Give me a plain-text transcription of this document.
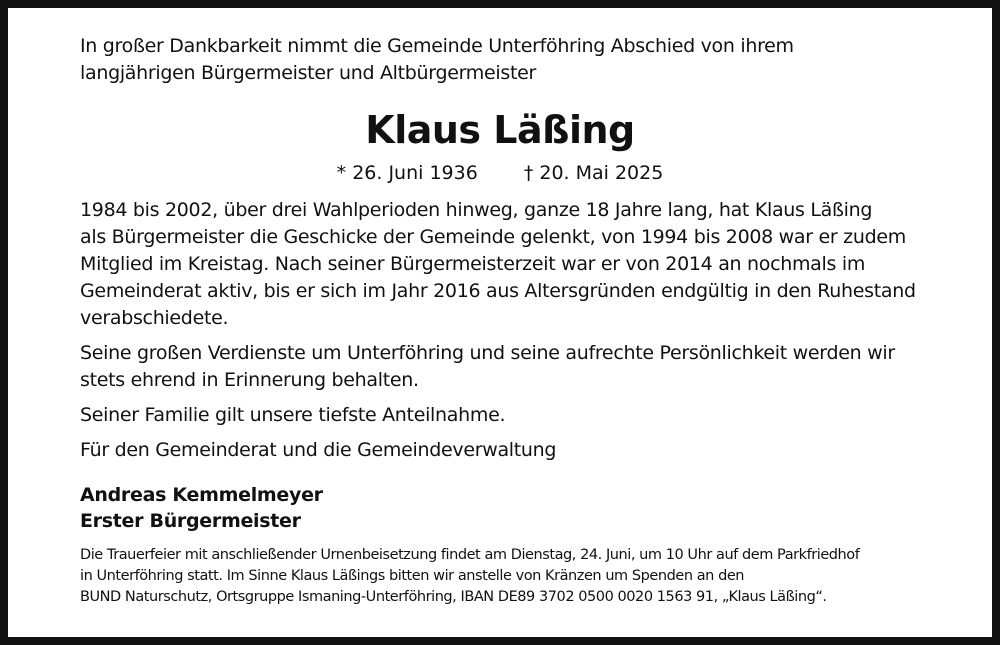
In großer Dankbarkeit nimmt die Gemeinde Unterföhring Abschied von ihrem
langjährigen Bürgermeister und Altbürgermeister
Klaus Läßing
* 26. Juni 1936 † 20. Mai 2025

1984 bis 2002, über drei Wahlperioden hinweg, ganze 18 Jahre lang, hat Klaus Läßing
als Bürgermeister die Geschicke der Gemeinde gelenkt, von 1994 bis 2008 war er zudem
Mitglied im Kreistag. Nach seiner Bürgermeisterzeit war er von 2014 an nochmals im
Gemeinderat aktiv, bis er sich im Jahr 2016 aus Altersgründen endgültig in den Ruhestand
verabschiedete.

Seine großen Verdienste um Unterföhring und seine aufrechte Persönlichkeit werden wir
stets ehrend in Erinnerung behalten.

Seiner Familie gilt unsere tiefste Anteilnahme.

Für den Gemeinderat und die Gemeindeverwaltung

Andreas Kemmelmeyer
Erster Bürgermeister
Die Trauerfeier mit anschließender Urnenbeisetzung findet am Dienstag, 24. Juni, um 10 Uhr auf dem Parkfriedhof
in Unterföhring statt. Im Sinne Klaus Läßings bitten wir anstelle von Kränzen um Spenden an den
BUND Naturschutz, Ortsgruppe Ismaning-Unterföhring, IBAN DE89 3702 0500 0020 1563 91, „Klaus Läßing“.
